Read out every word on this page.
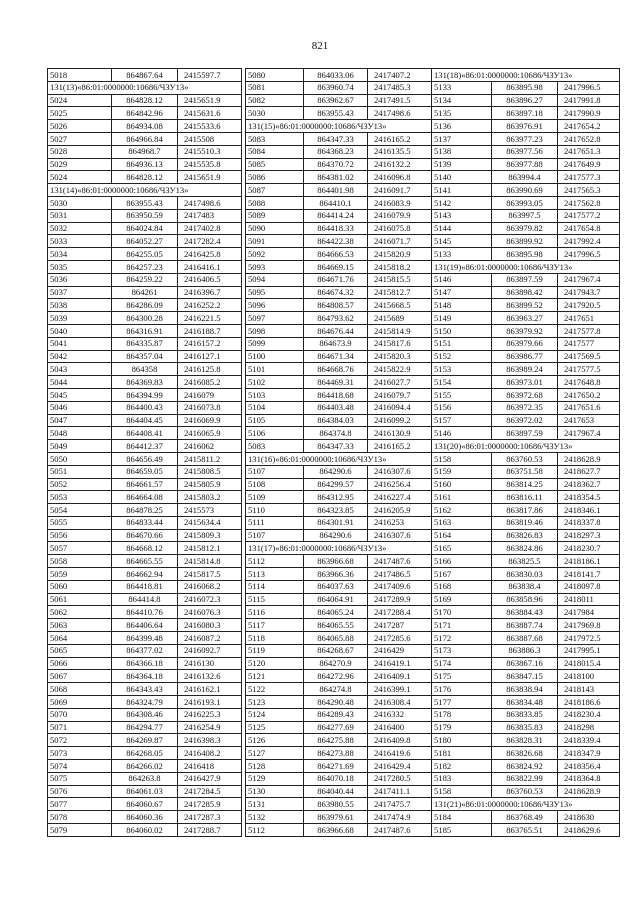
821
5018	864867.64	2415597.7
131(13)«86:01:0000000:10686/ЧЗУ13»		
5024	864828.12	2415651.9
5025	864842.96	2415631.6
5026	864934.08	2415533.6
5027	864966.84	2415508
5028	864968.7	2415510.3
5029	864936.13	2415535.8
5024	864828.12	2415651.9
131(14)«86:01:0000000:10686/ЧЗУ13»		
5030	863955.43	2417498.6
5031	863950.59	2417483
5032	864024.84	2417402.8
5033	864052.27	2417282.4
5034	864255.05	2416425.8
5035	864257.23	2416416.1
5036	864259.22	2416406.5
5037	864261	2416396.7
5038	864286.09	2416252.2
5039	864300.28	2416221.5
5040	864316.91	2416188.7
5041	864335.87	2416157.2
5042	864357.04	2416127.1
5043	864358	2416125.8
5044	864369.83	2416085.2
5045	864394.99	2416079
5046	864400.43	2416073.8
5047	864404.45	2416069.9
5048	864408.41	2416065.9
5049	864412.37	2416062
5050	864656.49	2415811.2
5051	864659.05	2415808.5
5052	864661.57	2415805.9
5053	864664.08	2415803.2
5054	864878.25	2415573
5055	864833.44	2415634.4
5056	864670.66	2415809.3
5057	864668.12	2415812.1
5058	864665.55	2415814.8
5059	864662.94	2415817.5
5060	864418.81	2416068.2
5061	864414.8	2416072.3
5062	864410.76	2416076.3
5063	864406.64	2416080.3
5064	864399.48	2416087.2
5065	864377.02	2416092.7
5066	864366.18	2416130
5067	864364.18	2416132.6
5068	864343.43	2416162.1
5069	864324.79	2416193.1
5070	864308.46	2416225.3
5071	864294.77	2416254.9
5072	864269.87	2416398.3
5073	864268.05	2416408.2
5074	864266.02	2416418
5075	864263.8	2416427.9
5076	864061.03	2417284.5
5077	864060.67	2417285.9
5078	864060.36	2417287.3
5079	864060.02	2417288.7
5080	864033.06	2417407.2
5081	863960.74	2417485.3
5082	863962.67	2417491.5
5030	863955.43	2417498.6
131(15)«86:01:0000000:10686/ЧЗУ13»		
5083	864347.33	2416165.2
5084	864368.23	2416135.5
5085	864370.72	2416132.2
5086	864381.02	2416096.8
5087	864401.98	2416091.7
5088	864410.1	2416083.9
5089	864414.24	2416079.9
5090	864418.33	2416075.8
5091	864422.38	2416071.7
5092	864666.53	2415820.9
5093	864669.15	2415818.2
5094	864671.76	2415815.5
5095	864674.32	2415812.7
5096	864808.57	2415668.5
5097	864793.62	2415689
5098	864676.44	2415814.9
5099	864673.9	2415817.6
5100	864671.34	2415820.3
5101	864668.76	2415822.9
5102	864469.31	2416027.7
5103	864418.68	2416079.7
5104	864403.48	2416094.4
5105	864384.03	2416099.2
5106	864374.8	2416130.9
5083	864347.33	2416165.2
131(16)«86:01:0000000:10686/ЧЗУ13»		
5107	864290.6	2416307.6
5108	864299.57	2416256.4
5109	864312.95	2416227.4
5110	864323.85	2416205.9
5111	864301.91	2416253
5107	864290.6	2416307.6
131(17)«86:01:0000000:10686/ЧЗУ13»		
5112	863966.68	2417487.6
5113	863966.36	2417486.5
5114	864037.63	2417409.6
5115	864064.91	2417289.9
5116	864065.24	2417288.4
5117	864065.55	2417287
5118	864065.88	2417285.6
5119	864268.67	2416429
5120	864270.9	2416419.1
5121	864272.96	2416409.1
5122	864274.8	2416399.1
5123	864290.48	2416308.4
5124	864289.43	2416332
5125	864277.69	2416400
5126	864275.88	2416409.8
5127	864273.88	2416419.6
5128	864271.69	2416429.4
5129	864070.18	2417280.5
5130	864040.44	2417411.1
5131	863980.55	2417475.7
5132	863979.61	2417474.9
5112	863966.68	2417487.6
131(18)«86:01:0000000:10686/ЧЗУ13»		
5133	863895.98	2417996.5
5134	863896.27	2417991.8
5135	863897.18	2417990.9
5136	863976.91	2417654.2
5137	863977.23	2417652.8
5138	863977.56	2417651.3
5139	863977.88	2417649.9
5140	863994.4	2417577.3
5141	863990.69	2417565.3
5142	863993.05	2417562.8
5143	863997.5	2417577.2
5144	863979.82	2417654.8
5145	863899.92	2417992.4
5133	863895.98	2417996.5
131(19)«86:01:0000000:10686/ЧЗУ13»		
5146	863897.59	2417967.4
5147	863898.42	2417943.7
5148	863899.52	2417920.5
5149	863963.27	2417651
5150	863979.92	2417577.8
5151	863979.66	2417577
5152	863986.77	2417569.5
5153	863989.24	2417577.5
5154	863973.01	2417648.8
5155	863972.68	2417650.2
5156	863972.35	2417651.6
5157	863972.02	2417653
5146	863897.59	2417967.4
131(20)«86:01:0000000:10686/ЧЗУ13»		
5158	863760.53	2418628.9
5159	863751.58	2418627.7
5160	863814.25	2418362.7
5161	863816.11	2418354.5
5162	863817.86	2418346.1
5163	863819.46	2418337.8
5164	863826.83	2418297.3
5165	863824.86	2418230.7
5166	863825.5	2418186.1
5167	863830.03	2418141.7
5168	863838.4	2418097.8
5169	863858.96	2418011
5170	863884.43	2417984
5171	863887.74	2417969.8
5172	863887.68	2417972.5
5173	863886.3	2417995.1
5174	863867.16	2418015.4
5175	863847.15	2418100
5176	863838.94	2418143
5177	863834.48	2418186.6
5178	863833.85	2418230.4
5179	863835.83	2418298
5180	863828.31	2418339.4
5181	863826.68	2418347.9
5182	863824.92	2418356.4
5183	863822.99	2418364.8
5158	863760.53	2418628.9
131(21)«86:01:0000000:10686/ЧЗУ13»		
5184	863768.49	2418630
5185	863765.51	2418629.6
